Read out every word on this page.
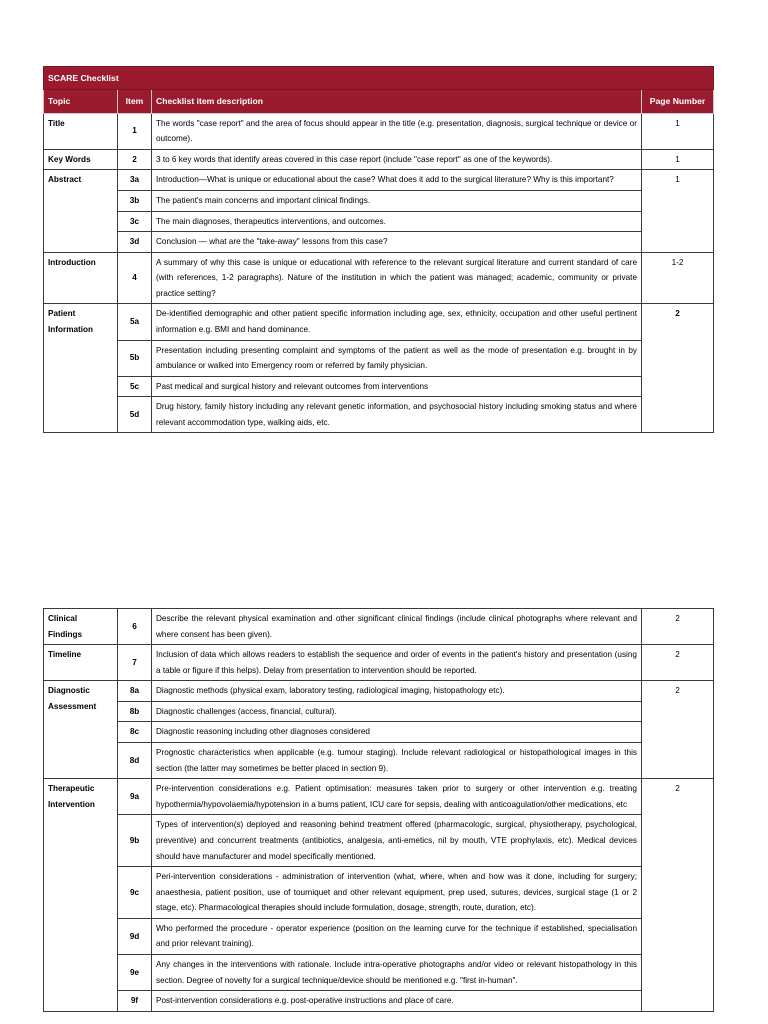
SCARE Checklist			
Topic	Item	Checklist item description	Page Number
Title	1	The words "case report" and the area of focus should appear in the title (e.g. presentation, diagnosis, surgical technique or device or outcome).	1
Key Words	2	3 to 6 key words that identify areas covered in this case report (include "case report" as one of the keywords).	1
Abstract	3a	Introduction—What is unique or educational about the case? What does it add to the surgical literature? Why is this important?	1
	3b	The patient's main concerns and important clinical findings.	
	3c	The main diagnoses, therapeutics interventions, and outcomes.	
	3d	Conclusion — what are the "take-away" lessons from this case?	
Introduction	4	A summary of why this case is unique or educational with reference to the relevant surgical literature and current standard of care (with references, 1-2 paragraphs). Nature of the institution in which the patient was managed; academic, community or private practice setting?	1-2
Patient Information	5a	De-identified demographic and other patient specific information including age, sex, ethnicity, occupation and other useful pertinent information e.g. BMI and hand dominance.	2
	5b	Presentation including presenting complaint and symptoms of the patient as well as the mode of presentation e.g. brought in by ambulance or walked into Emergency room or referred by family physician.	
	5c	Past medical and surgical history and relevant outcomes from interventions	
	5d	Drug history, family history including any relevant genetic information, and psychosocial history including smoking status and where relevant accommodation type, walking aids, etc.	
Clinical Findings	6	Describe the relevant physical examination and other significant clinical findings (include clinical photographs where relevant and where consent has been given).	2
Timeline	7	Inclusion of data which allows readers to establish the sequence and order of events in the patient's history and presentation (using a table or figure if this helps). Delay from presentation to intervention should be reported.	2
Diagnostic Assessment	8a	Diagnostic methods (physical exam, laboratory testing, radiological imaging, histopathology etc).	2
	8b	Diagnostic challenges (access, financial, cultural).	
	8c	Diagnostic reasoning including other diagnoses considered	
	8d	Prognostic characteristics when applicable (e.g. tumour staging). Include relevant radiological or histopathological images in this section (the latter may sometimes be better placed in section 9).	
Therapeutic Intervention	9a	Pre-intervention considerations e.g. Patient optimisation: measures taken prior to surgery or other intervention e.g. treating hypothermia/hypovolaemia/hypotension in a burns patient, ICU care for sepsis, dealing with anticoagulation/other medications, etc	2
	9b	Types of intervention(s) deployed and reasoning behind treatment offered (pharmacologic, surgical, physiotherapy, psychological, preventive) and concurrent treatments (antibiotics, analgesia, anti-emetics, nil by mouth, VTE prophylaxis, etc). Medical devices should have manufacturer and model specifically mentioned.	
	9c	Peri-intervention considerations - administration of intervention (what, where, when and how was it done, including for surgery; anaesthesia, patient position, use of tourniquet and other relevant equipment, prep used, sutures, devices, surgical stage (1 or 2 stage, etc). Pharmacological therapies should include formulation, dosage, strength, route, duration, etc).	
	9d	Who performed the procedure - operator experience (position on the learning curve for the technique if established, specialisation and prior relevant training).	
	9e	Any changes in the interventions with rationale. Include intra-operative photographs and/or video or relevant histopathology in this section. Degree of novelty for a surgical technique/device should be mentioned e.g. "first in-human".	
	9f	Post-intervention considerations e.g. post-operative instructions and place of care.	
